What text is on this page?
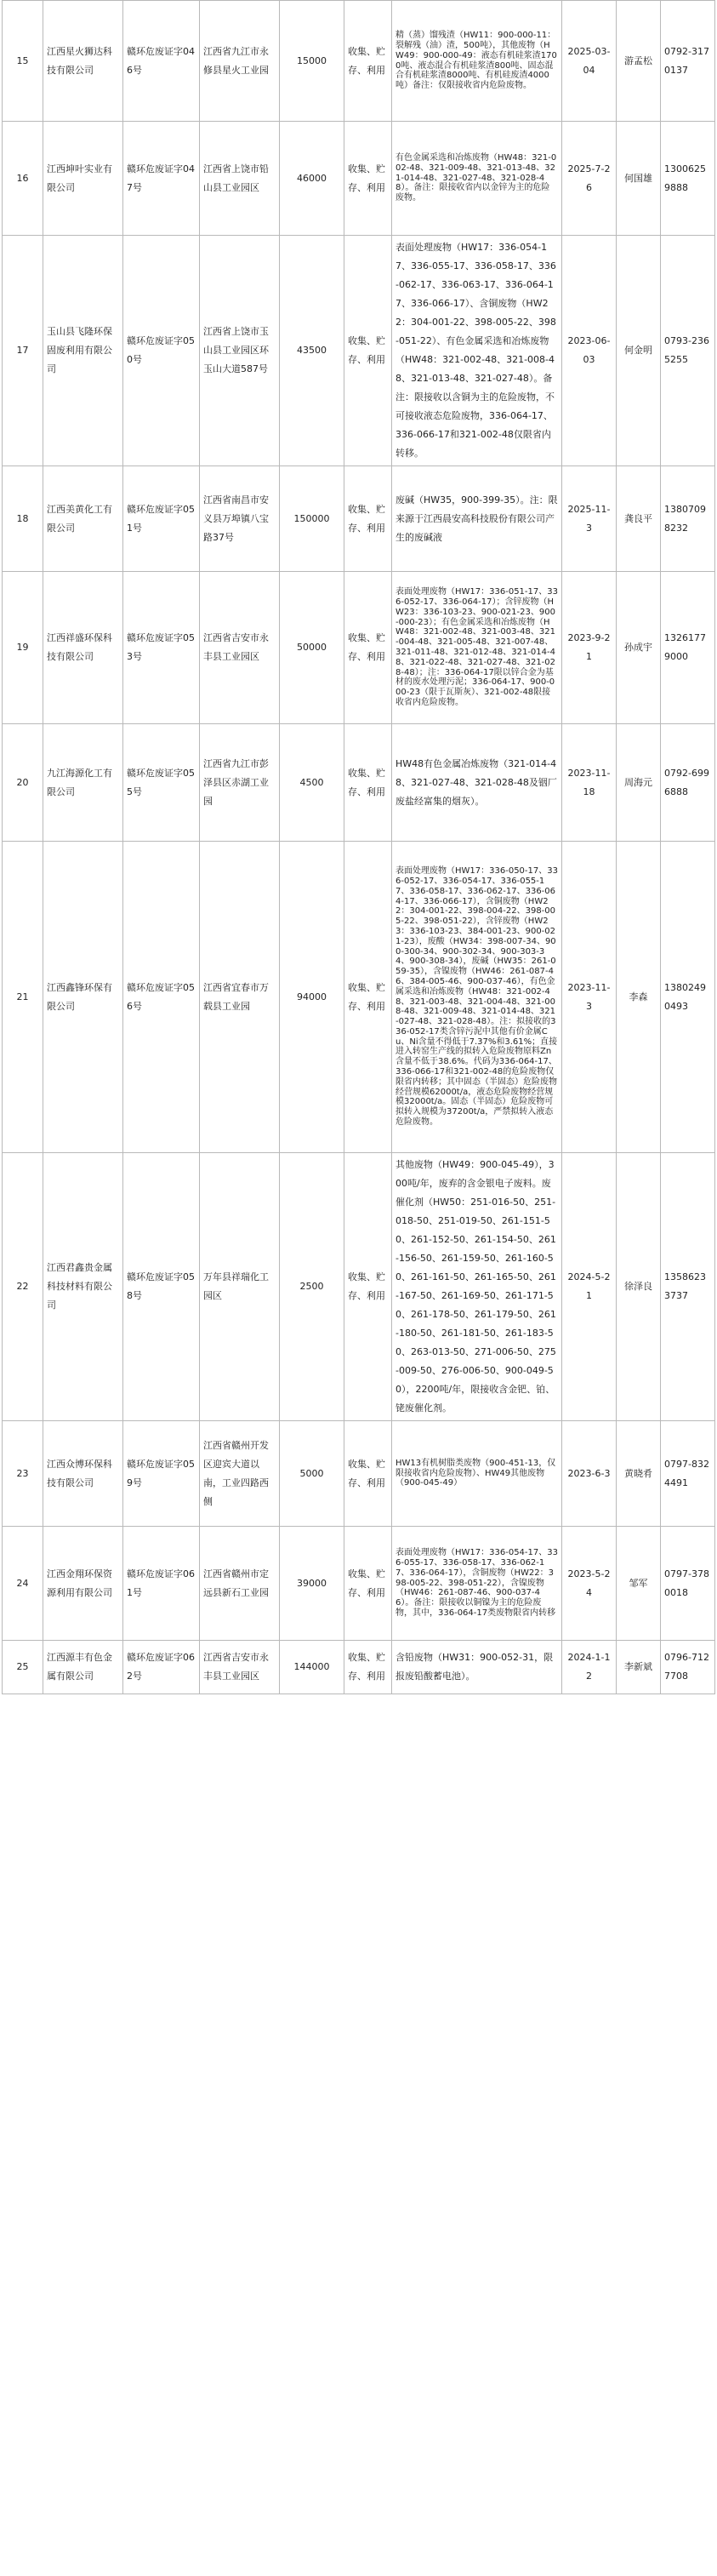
15	江西星火狮达科技有限公司	赣环危废证字046号	江西省九江市永修县星火工业园	15000	收集、贮存、利用	精（蒸）馏残渣（HW11：900-000-11：裂解残（油）渣，500吨），其他废物（HW49：900-000-49：液态有机硅浆渣1700吨、液态混合有机硅浆渣800吨、固态混合有机硅浆渣8000吨、有机硅废渣4000吨）备注：仅限接收省内危险废物。	2025-03-04	游孟松	0792-3170137
16	江西坤叶实业有限公司	赣环危废证字047号	江西省上饶市铅山县工业园区	46000	收集、贮存、利用	有色金属采选和冶炼废物（HW48：321-002-48、321-009-48、321-013-48、321-014-48、321-027-48、321-028-48）。备注：限接收省内以金锌为主的危险废物。	2025-7-26	何国雄	13006259888
17	玉山县飞隆环保固废利用有限公司	赣环危废证字050号	江西省上饶市玉山县工业园区环玉山大道587号	43500	收集、贮存、利用	表面处理废物（HW17：336-054-17、336-055-17、336-058-17、336-062-17、336-063-17、336-064-17、336-066-17）、含铜废物（HW22：304-001-22、398-005-22、398-051-22）、有色金属采选和冶炼废物（HW48：321-002-48、321-008-48、321-013-48、321-027-48）。备注：限接收以含铜为主的危险废物，不可接收液态危险废物，336-064-17、336-066-17和321-002-48仅限省内转移。	2023-06-03	何金明	0793-2365255
18	江西美黄化工有限公司	赣环危废证字051号	江西省南昌市安义县万埠镇八宝路37号	150000	收集、贮存、利用	废碱（HW35，900-399-35）。注：限来源于江西晨安高科技股份有限公司产生的废碱液	2025-11-3	龚良平	13807098232
19	江西祥盛环保科技有限公司	赣环危废证字053号	江西省吉安市永丰县工业园区	50000	收集、贮存、利用	表面处理废物（HW17：336-051-17、336-052-17、336-064-17）；含锌废物（HW23：336-103-23、900-021-23、900-000-23）；有色金属采选和冶炼废物（HW48：321-002-48、321-003-48、321-004-48、321-005-48、321-007-48、321-011-48、321-012-48、321-014-48、321-022-48、321-027-48、321-028-48）；注：336-064-17限以锌合金为基材的废水处理污泥；336-064-17、900-000-23（限于瓦斯灰）、321-002-48限接收省内危险废物。	2023-9-21	孙成宇	13261779000
20	九江海源化工有限公司	赣环危废证字055号	江西省九江市彭泽县区赤湖工业园	4500	收集、贮存、利用	HW48有色金属冶炼废物（321-014-48、321-027-48、321-028-48及铟厂废盐经富集的烟灰）。	2023-11-18	周海元	0792-6996888
21	江西鑫锋环保有限公司	赣环危废证字056号	江西省宜春市万载县工业园	94000	收集、贮存、利用	表面处理废物（HW17：336-050-17、336-052-17、336-054-17、336-055-17、336-058-17、336-062-17、336-064-17、336-066-17），含铜废物（HW22：304-001-22、398-004-22、398-005-22、398-051-22），含锌废物（HW23：336-103-23、384-001-23、900-021-23），废酸（HW34：398-007-34、900-300-34、900-302-34、900-303-34、900-308-34），废碱（HW35：261-059-35），含镍废物（HW46：261-087-46、384-005-46、900-037-46），有色金属采选和冶炼废物（HW48：321-002-48、321-003-48、321-004-48、321-008-48、321-009-48、321-014-48、321-027-48、321-028-48）。注：拟接收的336-052-17类含锌污泥中其他有价金属Cu、Ni含量不得低于7.37%和3.61%；直接进入转窑生产线的拟转入危险废物原料Zn含量不低于38.6%。代码为336-064-17、336-066-17和321-002-48的危险废物仅限省内转移；其中固态（半固态）危险废物经营规模62000t/a，液态危险废物经营规模32000t/a。固态（半固态）危险废物可拟转入规模为37200t/a，严禁拟转入液态危险废物。	2023-11-3	李森	13802490493
22	江西君鑫贵金属科技材料有限公司	赣环危废证字058号	万年县祥瑞化工园区	2500	收集、贮存、利用	其他废物（HW49：900-045-49），300吨/年，废弃的含金银电子废料。废催化剂（HW50：251-016-50、251-018-50、251-019-50、261-151-50、261-152-50、261-154-50、261-156-50、261-159-50、261-160-50、261-161-50、261-165-50、261-167-50、261-169-50、261-171-50、261-178-50、261-179-50、261-180-50、261-181-50、261-183-50、263-013-50、271-006-50、275-009-50、276-006-50、900-049-50），2200吨/年，限接收含金钯、铂、铑废催化剂。	2024-5-21	徐泽良	13586233737
23	江西众博环保科技有限公司	赣环危废证字059号	江西省赣州开发区迎宾大道以南，工业四路西侧	5000	收集、贮存、利用	HW13有机树脂类废物（900-451-13，仅限接收省内危险废物）、HW49其他废物（900-045-49）	2023-6-3	黄晓肴	0797-8324491
24	江西金翔环保资源利用有限公司	赣环危废证字061号	江西省赣州市定远县新石工业园	39000	收集、贮存、利用	表面处理废物（HW17：336-054-17、336-055-17、336-058-17、336-062-17、336-064-17），含铜废物（HW22：398-005-22、398-051-22），含镍废物（HW46：261-087-46、900-037-46）。备注：限接收以铜镍为主的危险废物，其中，336-064-17类废物限省内转移	2023-5-24	邹军	0797-3780018
25	江西源丰有色金属有限公司	赣环危废证字062号	江西省吉安市永丰县工业园区	144000	收集、贮存、利用	含铅废物（HW31：900-052-31，限报废铅酸蓄电池）。	2024-1-12	李新斌	0796-7127708
